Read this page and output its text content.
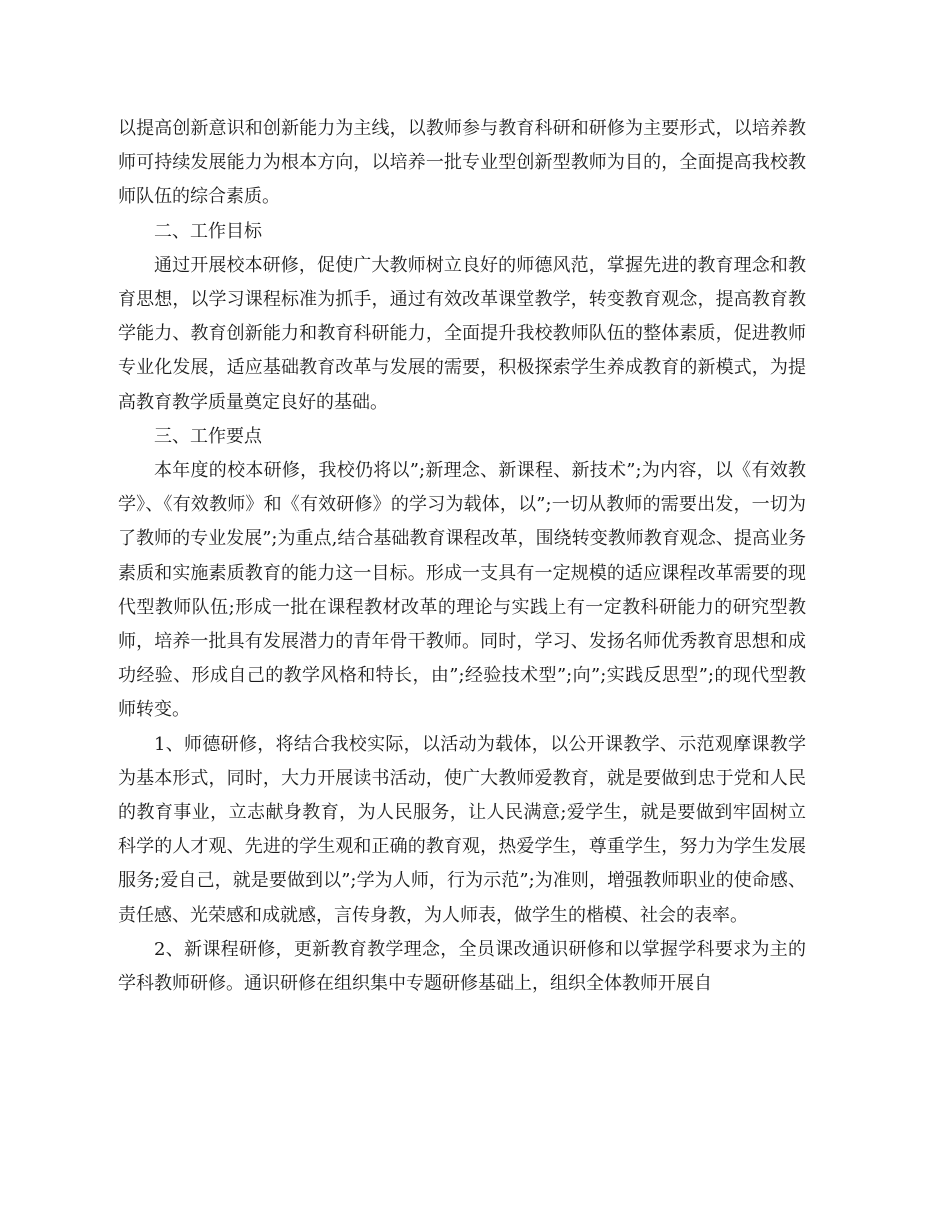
以提高创新意识和创新能力为主线，以教师参与教育科研和研修为主要形式，以培养教师可持续发展能力为根本方向，以培养一批专业型创新型教师为目的，全面提高我校教师队伍的综合素质。

二、工作目标

通过开展校本研修，促使广大教师树立良好的师德风范，掌握先进的教育理念和教育思想，以学习课程标准为抓手，通过有效改革课堂教学，转变教育观念，提高教育教学能力、教育创新能力和教育科研能力，全面提升我校教师队伍的整体素质，促进教师专业化发展，适应基础教育改革与发展的需要，积极探索学生养成教育的新模式，为提高教育教学质量奠定良好的基础。

三、工作要点

本年度的校本研修，我校仍将以”;新理念、新课程、新技术”;为内容，以《有效教学》、《有效教师》和《有效研修》的学习为载体，以”;一切从教师的需要出发，一切为了教师的专业发展”;为重点,结合基础教育课程改革，围绕转变教师教育观念、提高业务素质和实施素质教育的能力这一目标。形成一支具有一定规模的适应课程改革需要的现代型教师队伍;形成一批在课程教材改革的理论与实践上有一定教科研能力的研究型教师，培养一批具有发展潜力的青年骨干教师。同时，学习、发扬名师优秀教育思想和成功经验、形成自己的教学风格和特长，由”;经验技术型”;向”;实践反思型”;的现代型教师转变。

1、师德研修，将结合我校实际，以活动为载体，以公开课教学、示范观摩课教学为基本形式，同时，大力开展读书活动，使广大教师爱教育，就是要做到忠于党和人民的教育事业，立志献身教育，为人民服务，让人民满意;爱学生，就是要做到牢固树立科学的人才观、先进的学生观和正确的教育观，热爱学生，尊重学生，努力为学生发展服务;爱自己，就是要做到以”;学为人师，行为示范”;为准则，增强教师职业的使命感、责任感、光荣感和成就感，言传身教，为人师表，做学生的楷模、社会的表率。

2、新课程研修，更新教育教学理念，全员课改通识研修和以掌握学科要求为主的学科教师研修。通识研修在组织集中专题研修基础上，组织全体教师开展自
